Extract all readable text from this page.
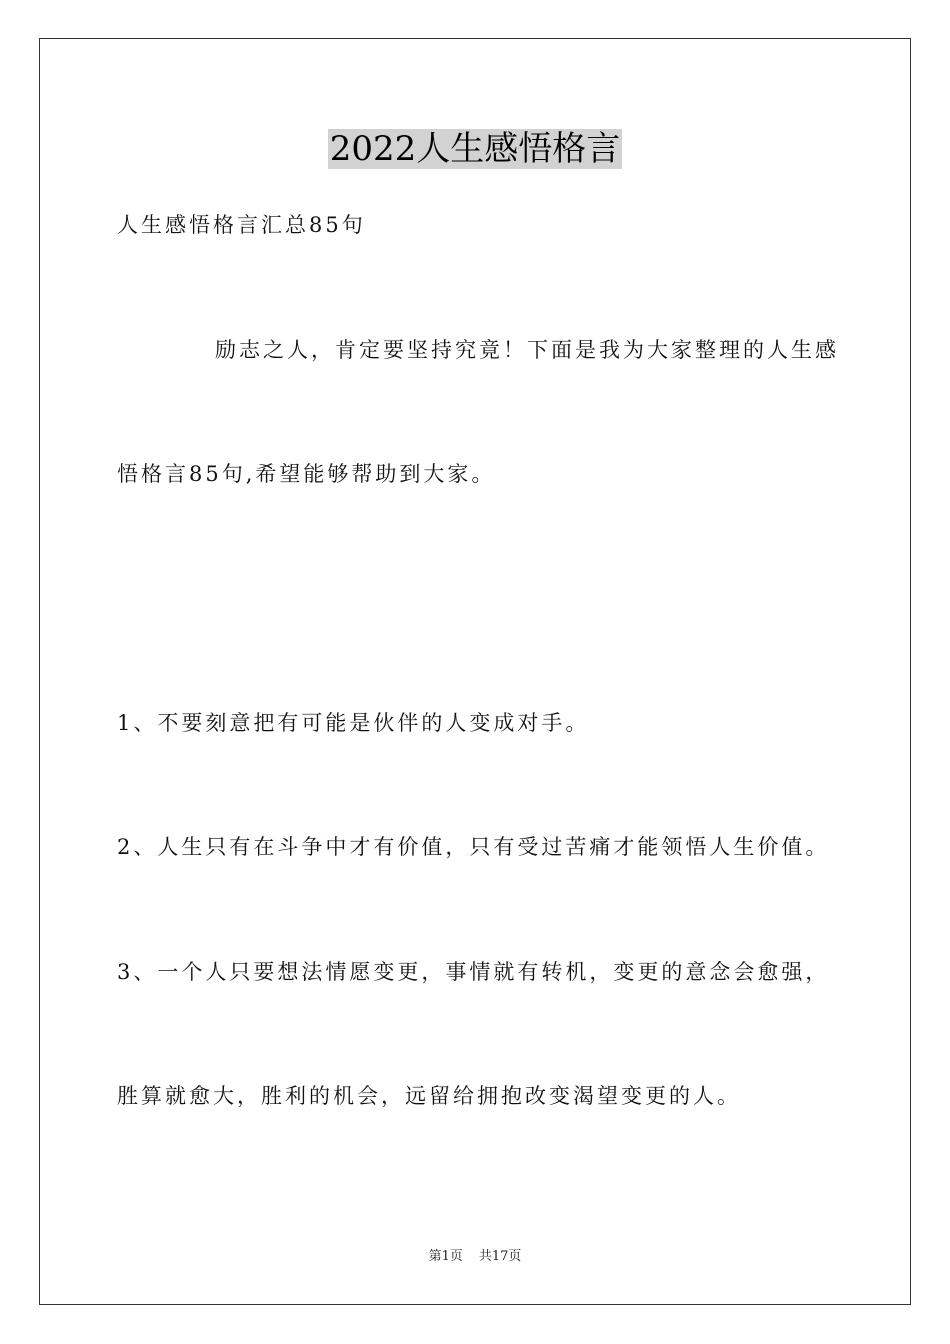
2022人生感悟格言
人生感悟格言汇总85句
励志之人，肯定要坚持究竟！下面是我为大家整理的人生感
悟格言85句,希望能够帮助到大家。
1、不要刻意把有可能是伙伴的人变成对手。
2、人生只有在斗争中才有价值，只有受过苦痛才能领悟人生价值。
3、一个人只要想法情愿变更，事情就有转机，变更的意念会愈强，
胜算就愈大，胜利的机会，远留给拥抱改变渴望变更的人。
第1页 共17页
